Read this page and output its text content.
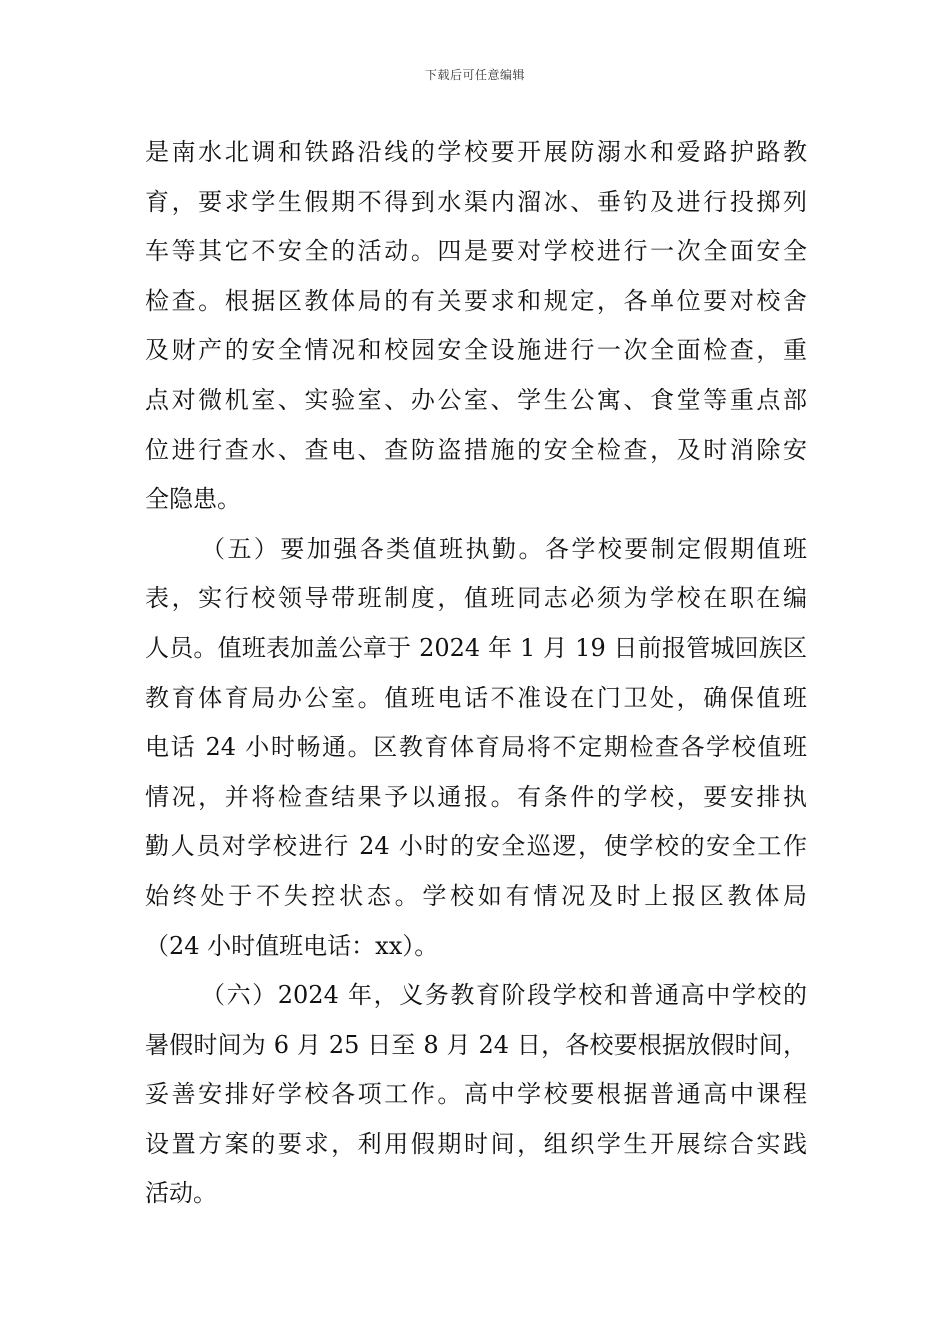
下载后可任意编辑
是南水北调和铁路沿线的学校要开展防溺水和爱路护路教
育，要求学生假期不得到水渠内溜冰、垂钓及进行投掷列
车等其它不安全的活动。四是要对学校进行一次全面安全
检查。根据区教体局的有关要求和规定，各单位要对校舍
及财产的安全情况和校园安全设施进行一次全面检查，重
点对微机室、实验室、办公室、学生公寓、食堂等重点部
位进行查水、查电、查防盗措施的安全检查，及时消除安
全隐患。
（五）要加强各类值班执勤。各学校要制定假期值班
表，实行校领导带班制度，值班同志必须为学校在职在编
人员。值班表加盖公章于 2024 年 1 月 19 日前报管城回族区
教育体育局办公室。值班电话不准设在门卫处，确保值班
电话 24 小时畅通。区教育体育局将不定期检查各学校值班
情况，并将检查结果予以通报。有条件的学校，要安排执
勤人员对学校进行 24 小时的安全巡逻，使学校的安全工作
始终处于不失控状态。学校如有情况及时上报区教体局
（24 小时值班电话：xx）。
（六）2024 年，义务教育阶段学校和普通高中学校的
暑假时间为 6 月 25 日至 8 月 24 日，各校要根据放假时间，
妥善安排好学校各项工作。高中学校要根据普通高中课程
设置方案的要求，利用假期时间，组织学生开展综合实践
活动。
